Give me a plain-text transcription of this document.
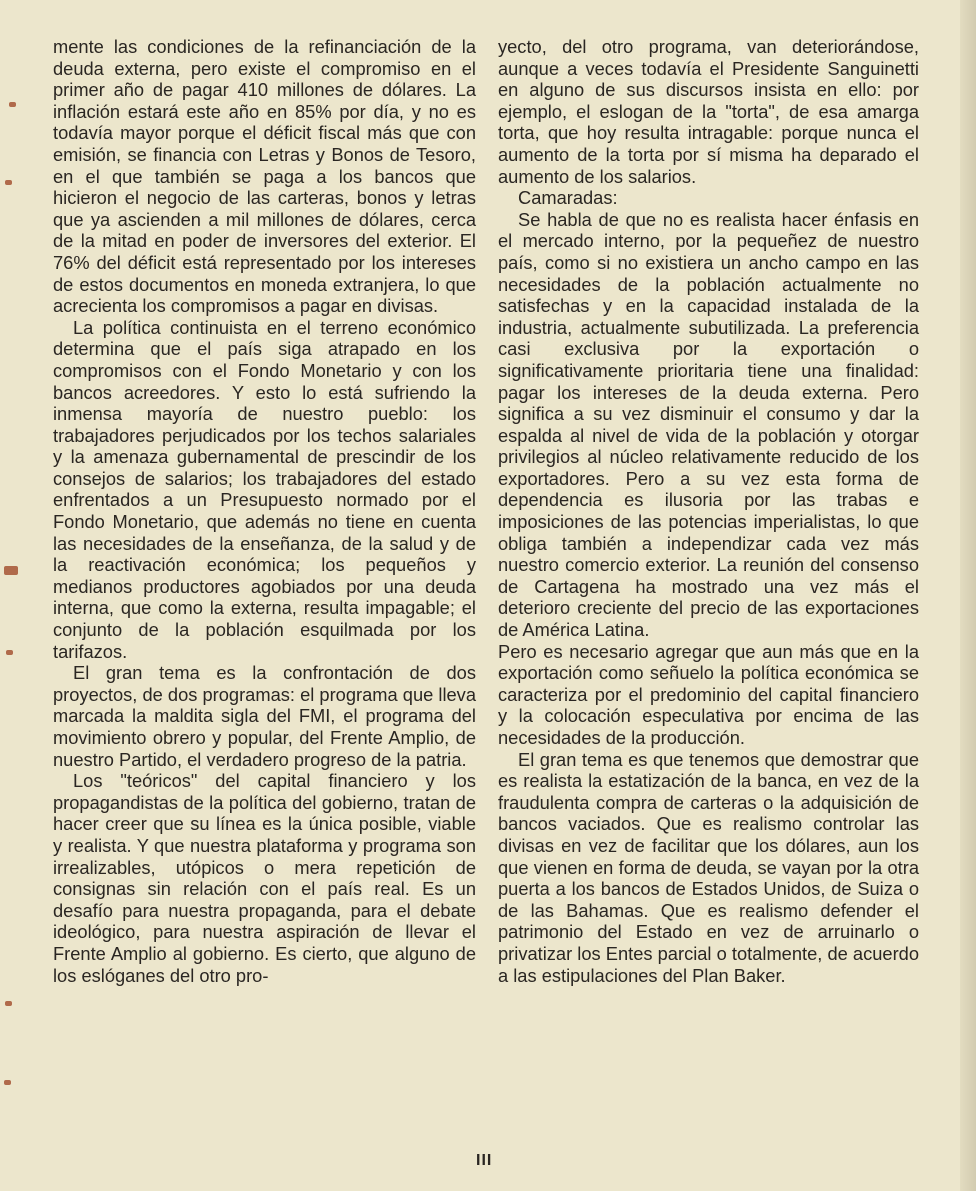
mente las condiciones de la refinanciación de la deuda externa, pero existe el compromiso en el primer año de pagar 410 millones de dólares. La inflación estará este año en 85% por día, y no es todavía mayor porque el déficit fiscal más que con emisión, se financia con Letras y Bonos de Tesoro, en el que también se paga a los bancos que hicieron el negocio de las carteras, bonos y letras que ya ascienden a mil millones de dólares, cerca de la mitad en poder de inversores del exterior. El 76% del déficit está representado por los intereses de estos documentos en moneda extranjera, lo que acrecienta los compromisos a pagar en divisas.

La política continuista en el terreno económico determina que el país siga atrapado en los compromisos con el Fondo Monetario y con los bancos acreedores. Y esto lo está sufriendo la inmensa mayoría de nuestro pueblo: los trabajadores perjudicados por los techos salariales y la amenaza gubernamental de prescindir de los consejos de salarios; los trabajadores del estado enfrentados a un Presupuesto normado por el Fondo Monetario, que además no tiene en cuenta las necesidades de la enseñanza, de la salud y de la reactivación económica; los pequeños y medianos productores agobiados por una deuda interna, que como la externa, resulta impagable; el conjunto de la población esquilmada por los tarifazos.

El gran tema es la confrontación de dos proyectos, de dos programas: el programa que lleva marcada la maldita sigla del FMI, el programa del movimiento obrero y popular, del Frente Amplio, de nuestro Partido, el verdadero progreso de la patria.

Los "teóricos" del capital financiero y los propagandistas de la política del gobierno, tratan de hacer creer que su línea es la única posible, viable y realista. Y que nuestra plataforma y programa son irrealizables, utópicos o mera repetición de consignas sin relación con el país real. Es un desafío para nuestra propaganda, para el debate ideológico, para nuestra aspiración de llevar el Frente Amplio al gobierno. Es cierto, que alguno de los eslóganes del otro pro-

yecto, del otro programa, van deteriorándose, aunque a veces todavía el Presidente Sanguinetti en alguno de sus discursos insista en ello: por ejemplo, el eslogan de la "torta", de esa amarga torta, que hoy resulta intragable: porque nunca el aumento de la torta por sí misma ha deparado el aumento de los salarios.

Camaradas:

Se habla de que no es realista hacer énfasis en el mercado interno, por la pequeñez de nuestro país, como si no existiera un ancho campo en las necesidades de la población actualmente no satisfechas y en la capacidad instalada de la industria, actualmente subutilizada. La preferencia casi exclusiva por la exportación o significativamente prioritaria tiene una finalidad: pagar los intereses de la deuda externa. Pero significa a su vez disminuir el consumo y dar la espalda al nivel de vida de la población y otorgar privilegios al núcleo relativamente reducido de los exportadores. Pero a su vez esta forma de dependencia es ilusoria por las trabas e imposiciones de las potencias imperialistas, lo que obliga también a independizar cada vez más nuestro comercio exterior. La reunión del consenso de Cartagena ha mostrado una vez más el deterioro creciente del precio de las exportaciones de América Latina.

Pero es necesario agregar que aun más que en la exportación como señuelo la política económica se caracteriza por el predominio del capital financiero y la colocación especulativa por encima de las necesidades de la producción.

El gran tema es que tenemos que demostrar que es realista la estatización de la banca, en vez de la fraudulenta compra de carteras o la adquisición de bancos vaciados. Que es realismo controlar las divisas en vez de facilitar que los dólares, aun los que vienen en forma de deuda, se vayan por la otra puerta a los bancos de Estados Unidos, de Suiza o de las Bahamas. Que es realismo defender el patrimonio del Estado en vez de arruinarlo o privatizar los Entes parcial o totalmente, de acuerdo a las estipulaciones del Plan Baker.

III
